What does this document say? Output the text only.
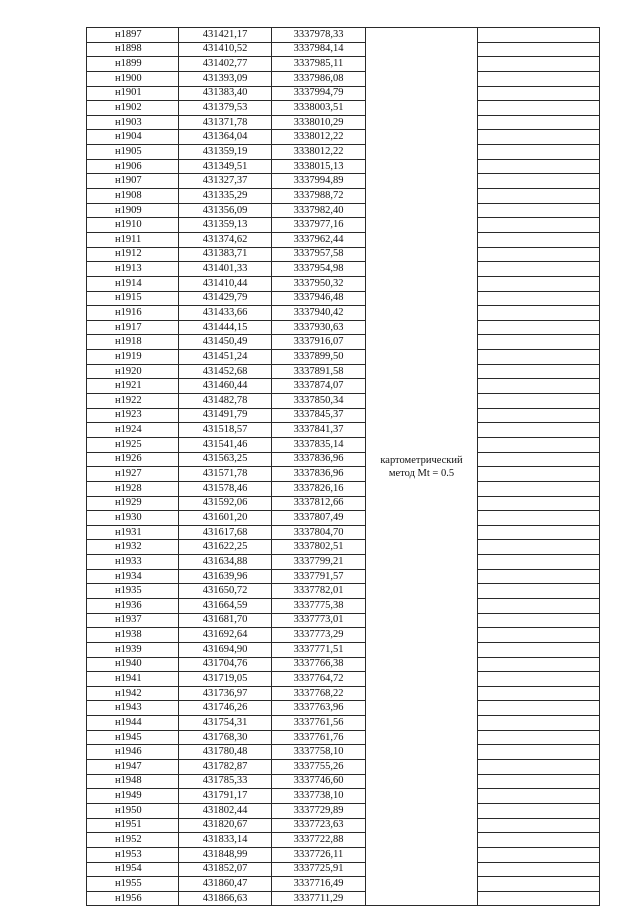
н1897	431421,17	3337978,33	картометрический
метод Mt = 0.5	

н1898	431410,52	3337984,14		
н1899	431402,77	3337985,11		
н1900	431393,09	3337986,08		
н1901	431383,40	3337994,79		
н1902	431379,53	3338003,51		
н1903	431371,78	3338010,29		
н1904	431364,04	3338012,22		
н1905	431359,19	3338012,22		
н1906	431349,51	3338015,13		
н1907	431327,37	3337994,89		
н1908	431335,29	3337988,72		
н1909	431356,09	3337982,40		
н1910	431359,13	3337977,16		
н1911	431374,62	3337962,44		
н1912	431383,71	3337957,58		
н1913	431401,33	3337954,98		
н1914	431410,44	3337950,32		
н1915	431429,79	3337946,48		
н1916	431433,66	3337940,42		
н1917	431444,15	3337930,63		
н1918	431450,49	3337916,07		
н1919	431451,24	3337899,50		
н1920	431452,68	3337891,58		
н1921	431460,44	3337874,07		
н1922	431482,78	3337850,34		
н1923	431491,79	3337845,37		
н1924	431518,57	3337841,37		
н1925	431541,46	3337835,14		
н1926	431563,25	3337836,96		
н1927	431571,78	3337836,96		
н1928	431578,46	3337826,16		
н1929	431592,06	3337812,66		
н1930	431601,20	3337807,49		
н1931	431617,68	3337804,70		
н1932	431622,25	3337802,51		
н1933	431634,88	3337799,21		
н1934	431639,96	3337791,57		
н1935	431650,72	3337782,01		
н1936	431664,59	3337775,38		
н1937	431681,70	3337773,01		
н1938	431692,64	3337773,29		
н1939	431694,90	3337771,51		
н1940	431704,76	3337766,38		
н1941	431719,05	3337764,72		
н1942	431736,97	3337768,22		
н1943	431746,26	3337763,96		
н1944	431754,31	3337761,56		
н1945	431768,30	3337761,76		
н1946	431780,48	3337758,10		
н1947	431782,87	3337755,26		
н1948	431785,33	3337746,60		
н1949	431791,17	3337738,10		
н1950	431802,44	3337729,89		
н1951	431820,67	3337723,63		
н1952	431833,14	3337722,88		
н1953	431848,99	3337726,11		
н1954	431852,07	3337725,91		
н1955	431860,47	3337716,49		
н1956	431866,63	3337711,29		
